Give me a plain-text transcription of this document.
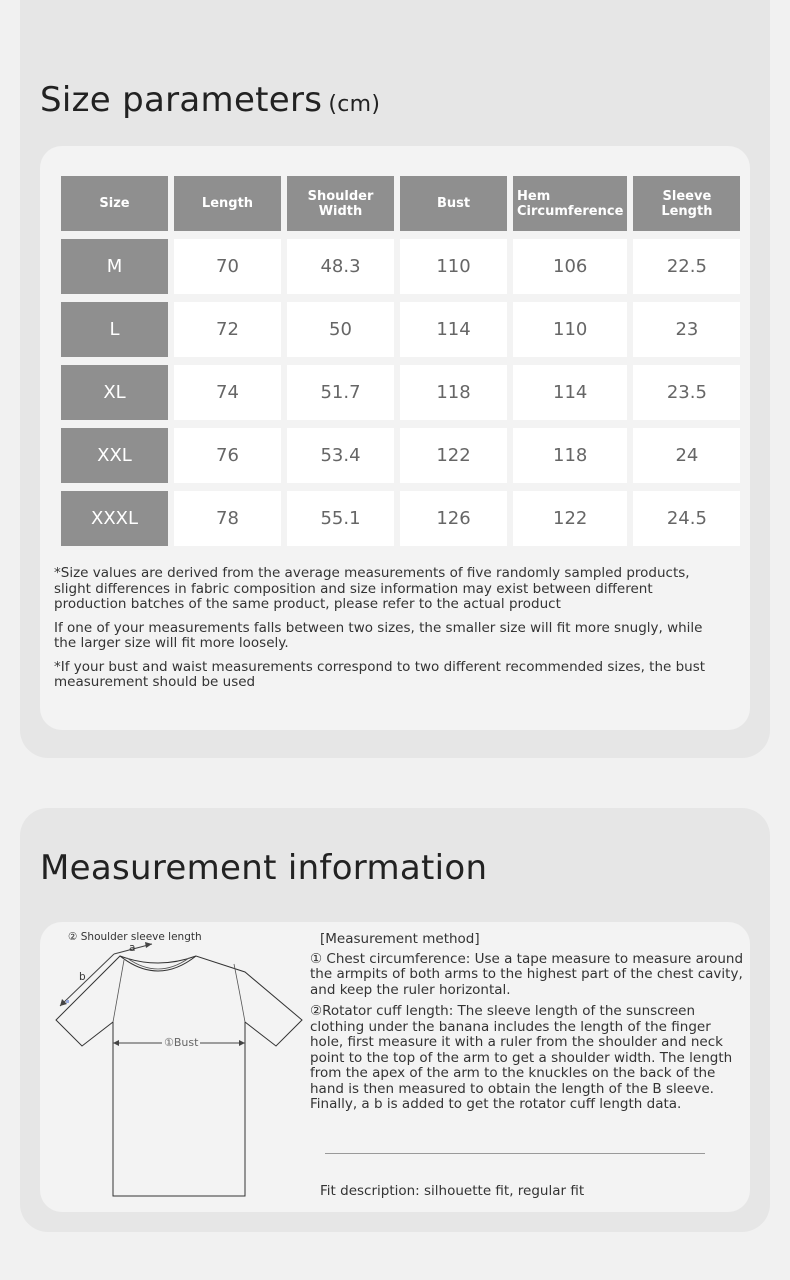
Size parameters (cm)
Size	Length	Shoulder Width	Bust	Hem Circumference	Sleeve Length
M	70	48.3	110	106	22.5
L	72	50	114	110	23
XL	74	51.7	118	114	23.5
XXL	76	53.4	122	118	24
XXXL	78	55.1	126	122	24.5

*Size values are derived from the average measurements of five randomly sampled products, slight differences in fabric composition and size information may exist between different production batches of the same product, please refer to the actual product

If one of your measurements falls between two sizes, the smaller size will fit more snugly, while the larger size will fit more loosely.

*If your bust and waist measurements correspond to two different recommended sizes, the bust measurement should be used

Measurement information
② Shoulder sleeve length
b
a
①Bust
[Measurement method]

① Chest circumference: Use a tape measure to measure around the armpits of both arms to the highest part of the chest cavity, and keep the ruler horizontal.

②Rotator cuff length: The sleeve length of the sunscreen clothing under the banana includes the length of the finger hole, first measure it with a ruler from the shoulder and neck point to the top of the arm to get a shoulder width. The length from the apex of the arm to the knuckles on the back of the hand is then measured to obtain the length of the B sleeve. Finally, a b is added to get the rotator cuff length data.

Fit description: silhouette fit, regular fit
